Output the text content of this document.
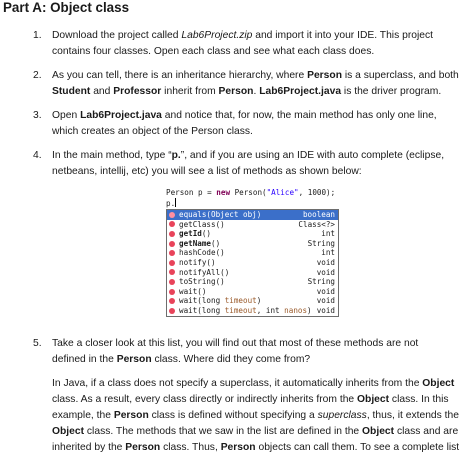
Part A: Object class
1. Download the project called Lab6Project.zip and import it into your IDE. This project
contains four classes. Open each class and see what each class does.
2. As you can tell, there is an inheritance hierarchy, where Person is a superclass, and both
Student and Professor inherit from Person. Lab6Project.java is the driver program.
3. Open Lab6Project.java and notice that, for now, the main method has only one line,
which creates an object of the Person class.
4. In the main method, type “p.”, and if you are using an IDE with auto complete (eclipse,
netbeans, intellij, etc) you will see a list of methods as shown below:
Person p = new Person("Alice", 1000);
p.
equals(Object obj)	boolean
getClass()	Class<?>
getId()	int
getName()	String
hashCode()	int
notify()	void
notifyAll()	void
toString()	String
wait()	void
wait(long timeout)	void
wait(long timeout, int nanos) void
5. Take a closer look at this list, you will find out that most of these methods are not
defined in the Person class. Where did they come from?
In Java, if a class does not specify a superclass, it automatically inherits from the Object
class. As a result, every class directly or indirectly inherits from the Object class. In this
example, the Person class is defined without specifying a superclass, thus, it extends the
Object class. The methods that we saw in the list are defined in the Object class and are
inherited by the Person class. Thus, Person objects can call them. To see a complete list
